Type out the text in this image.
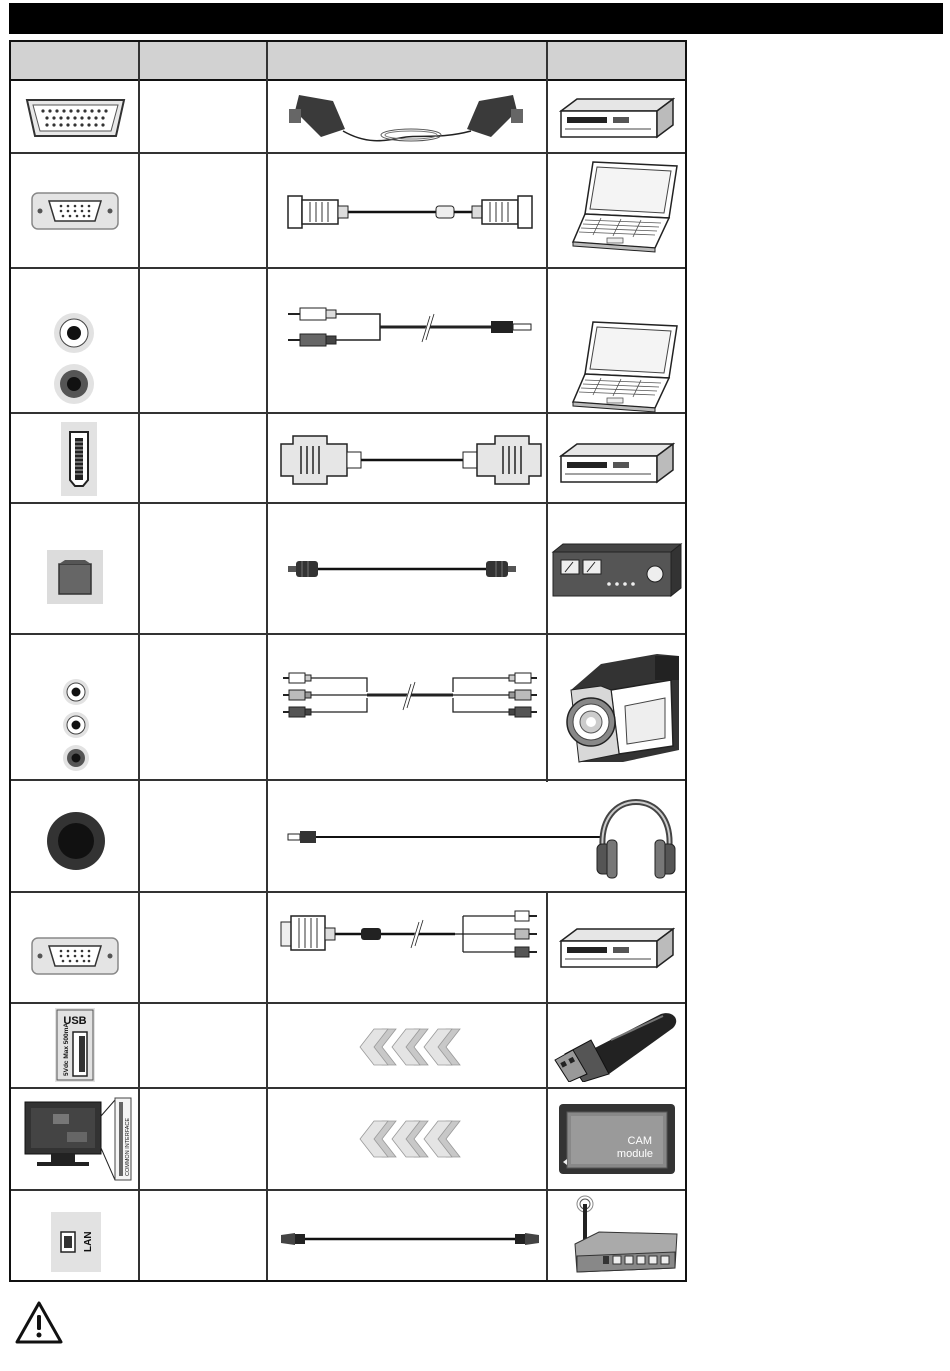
USB
5Vdc Max 500mA
COMMON INTERFACE	CAM
module
LAN
